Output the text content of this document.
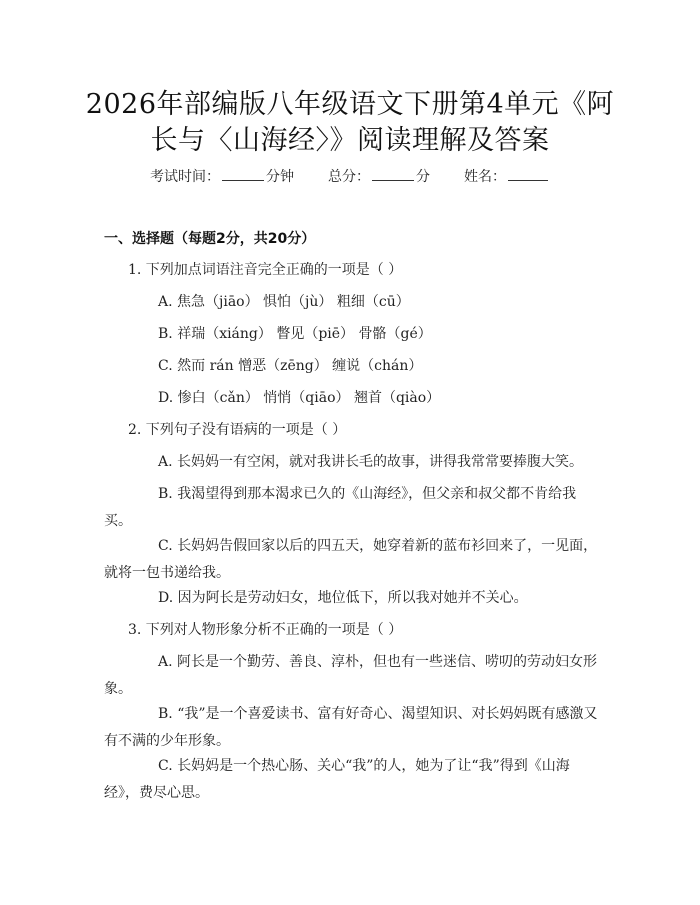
2026年部编版八年级语文下册第4单元《阿
长与〈山海经〉》阅读理解及答案
考试时间：	分钟 总分：	分 姓名：
一、选择题（每题2分，共20分）
1. 下列加点词语注音完全正确的一项是（ ）
A. 焦急（jiāo） 惧怕（jù） 粗细（cū）
B. 祥瑞（xiáng） 瞥见（piē） 骨骼（gé）
C. 然而 rán 憎恶（zēng） 缠说（chán）
D. 惨白（cǎn） 悄悄（qiāo） 翘首（qiào）
2. 下列句子没有语病的一项是（ ）
A. 长妈妈一有空闲，就对我讲长毛的故事，讲得我常常要捧腹大笑。
B. 我渴望得到那本渴求已久的《山海经》，但父亲和叔父都不肯给我买。
C. 长妈妈告假回家以后的四五天，她穿着新的蓝布衫回来了，一见面，就将一包书递给我。
D. 因为阿长是劳动妇女，地位低下，所以我对她并不关心。
3. 下列对人物形象分析不正确的一项是（ ）
A. 阿长是一个勤劳、善良、淳朴，但也有一些迷信、唠叨的劳动妇女形象。
B. “我”是一个喜爱读书、富有好奇心、渴望知识、对长妈妈既有感激又有不满的少年形象。
C. 长妈妈是一个热心肠、关心“我”的人，她为了让“我”得到《山海经》，费尽心思。
